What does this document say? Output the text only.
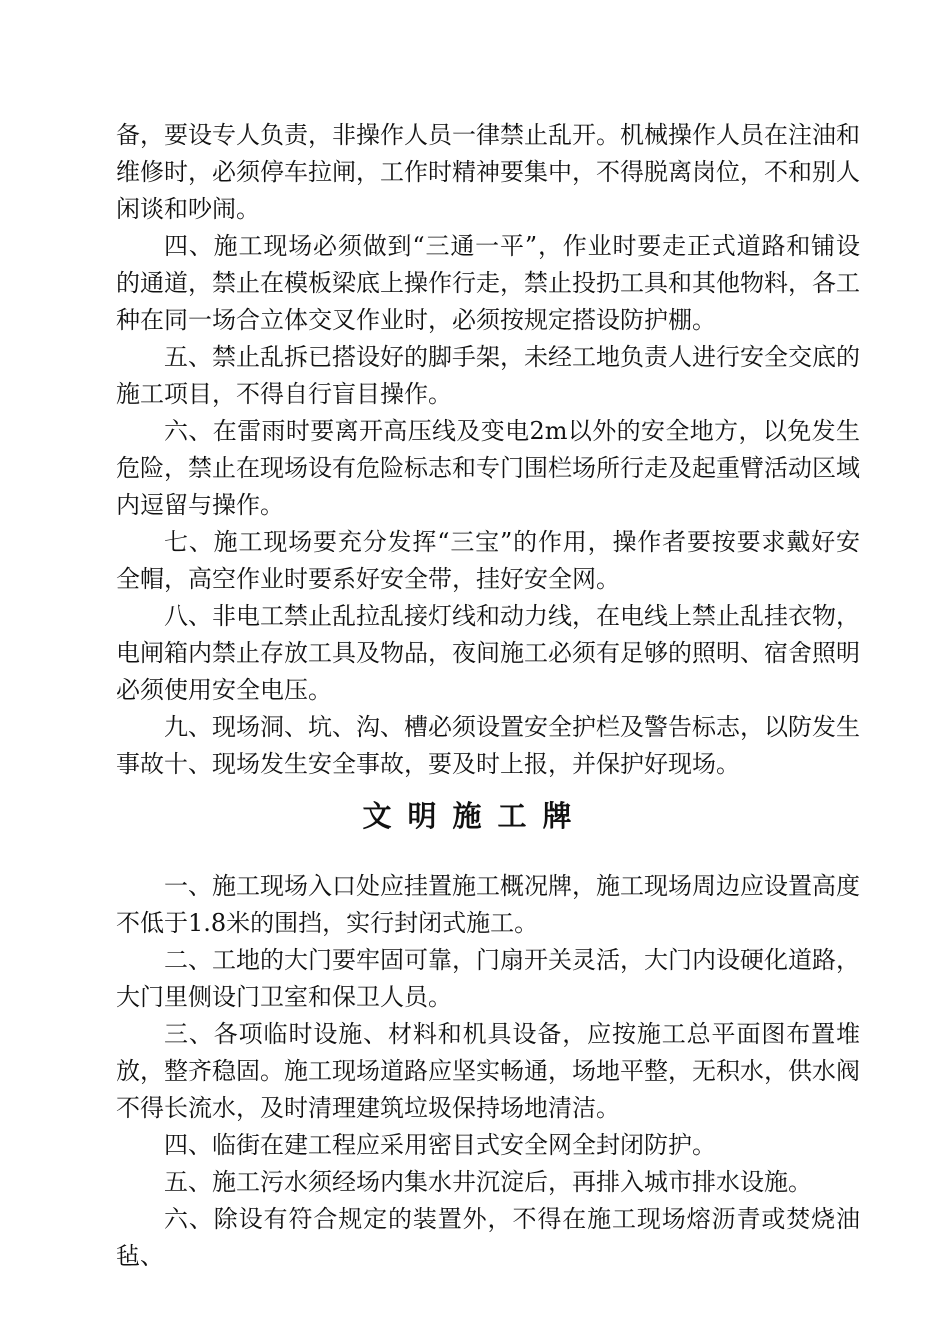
备，要设专人负责，非操作人员一律禁止乱开。机械操作人员在注油和维修时，必须停车拉闸，工作时精神要集中，不得脱离岗位，不和别人闲谈和吵闹。

四、施工现场必须做到“三通一平”，作业时要走正式道路和铺设的通道，禁止在模板梁底上操作行走，禁止投扔工具和其他物料，各工种在同一场合立体交叉作业时，必须按规定搭设防护棚。

五、禁止乱拆已搭设好的脚手架，未经工地负责人进行安全交底的施工项目，不得自行盲目操作。

六、在雷雨时要离开高压线及变电2m以外的安全地方，以免发生危险，禁止在现场设有危险标志和专门围栏场所行走及起重臂活动区域内逗留与操作。

七、施工现场要充分发挥“三宝”的作用，操作者要按要求戴好安全帽，高空作业时要系好安全带，挂好安全网。

八、非电工禁止乱拉乱接灯线和动力线，在电线上禁止乱挂衣物，电闸箱内禁止存放工具及物品，夜间施工必须有足够的照明、宿舍照明必须使用安全电压。

九、现场洞、坑、沟、槽必须设置安全护栏及警告标志，以防发生事故 十、现场发生安全事故，要及时上报，并保护好现场。

文明施工牌

一、施工现场入口处应挂置施工概况牌，施工现场周边应设置高度不低于1.8米的围挡，实行封闭式施工。

二、工地的大门要牢固可靠，门扇开关灵活，大门内设硬化道路，大门里侧设门卫室和保卫人员。

三、各项临时设施、材料和机具设备，应按施工总平面图布置堆放，整齐稳固。施工现场道路应坚实畅通，场地平整，无积水，供水阀不得长流水，及时清理建筑垃圾保持场地清洁。

四、临街在建工程应采用密目式安全网全封闭防护。

五、施工污水须经场内集水井沉淀后，再排入城市排水设施。

六、除设有符合规定的装置外，不得在施工现场熔沥青或焚烧油毡、
